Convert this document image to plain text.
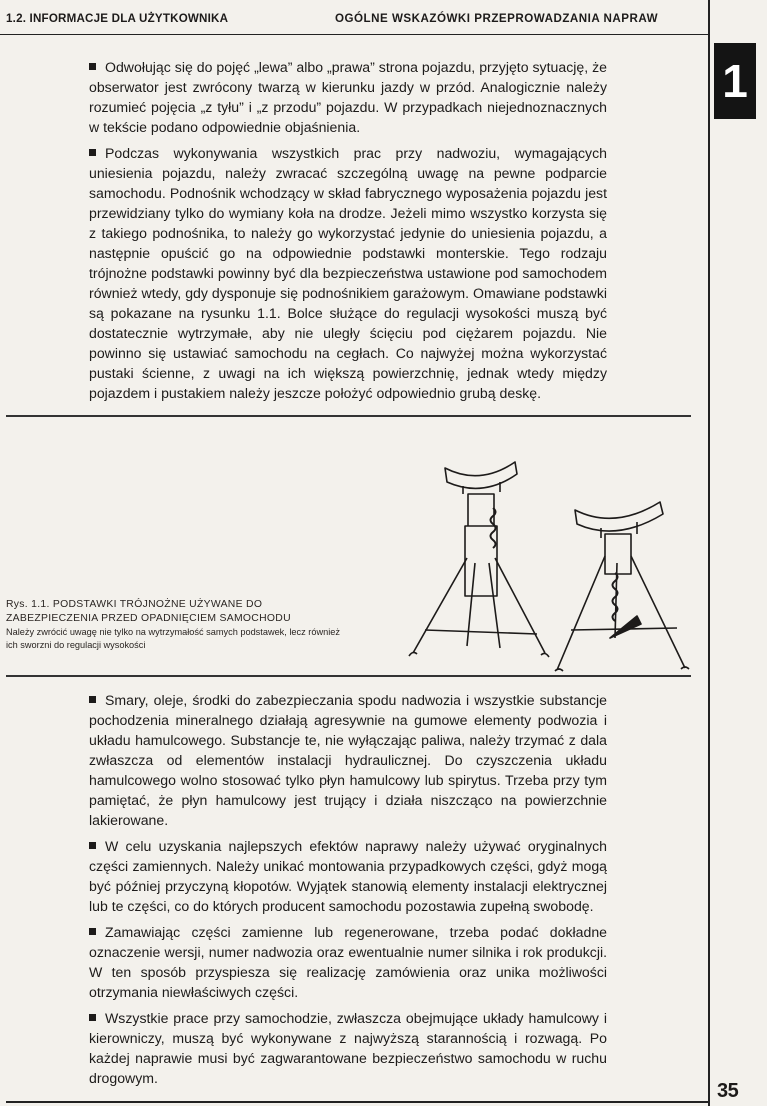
1.2. INFORMACJE DLA UŻYTKOWNIKA	OGÓLNE WSKAZÓWKI PRZEPROWADZANIA NAPRAW
1

Odwołując się do pojęć „lewa” albo „prawa” strona pojazdu, przyjęto sytuację, że obserwator jest zwrócony twarzą w kierunku jazdy w przód. Analogicznie należy rozumieć pojęcia „z tyłu” i „z przodu” pojazdu. W przypadkach niejednoznacznych w tekście podano odpowiednie objaśnienia.

Podczas wykonywania wszystkich prac przy nadwoziu, wymagających uniesienia pojazdu, należy zwracać szczególną uwagę na pewne podparcie samochodu. Podnośnik wchodzący w skład fabrycznego wyposażenia pojazdu jest przewidziany tylko do wymiany koła na drodze. Jeżeli mimo wszystko korzysta się z takiego podnośnika, to należy go wykorzystać jedynie do uniesienia pojazdu, a następnie opuścić go na odpowiednie podstawki monterskie. Tego rodzaju trójnożne podstawki powinny być dla bezpieczeństwa ustawione pod samochodem również wtedy, gdy dysponuje się podnośnikiem garażowym. Omawiane podstawki są pokazane na rysunku 1.1. Bolce służące do regulacji wysokości muszą być dostatecznie wytrzymałe, aby nie uległy ścięciu pod ciężarem pojazdu. Nie powinno się ustawiać samochodu na cegłach. Co najwyżej można wykorzystać pustaki ścienne, z uwagi na ich większą powierzchnię, jednak wtedy między pojazdem i pustakiem należy jeszcze położyć odpowiednio grubą deskę.

Rys. 1.1. PODSTAWKI TRÓJNOŻNE UŻYWANE DO ZABEZPIECZENIA PRZED OPADNIĘCIEM SAMOCHODU
Należy zwrócić uwagę nie tylko na wytrzymałość samych podstawek, lecz również ich sworzni do regulacji wysokości

Smary, oleje, środki do zabezpieczania spodu nadwozia i wszystkie substancje pochodzenia mineralnego działają agresywnie na gumowe elementy podwozia i układu hamulcowego. Substancje te, nie wyłączając paliwa, należy trzymać z dala zwłaszcza od elementów instalacji hydraulicznej. Do czyszczenia układu hamulcowego wolno stosować tylko płyn hamulcowy lub spirytus. Trzeba przy tym pamiętać, że płyn hamulcowy jest trujący i działa niszcząco na powierzchnie lakierowane.

W celu uzyskania najlepszych efektów naprawy należy używać oryginalnych części zamiennych. Należy unikać montowania przypadkowych części, gdyż mogą być później przyczyną kłopotów. Wyjątek stanowią elementy instalacji elektrycznej lub te części, co do których producent samochodu pozostawia zupełną swobodę.

Zamawiając części zamienne lub regenerowane, trzeba podać dokładne oznaczenie wersji, numer nadwozia oraz ewentualnie numer silnika i rok produkcji. W ten sposób przyspiesza się realizację zamówienia oraz unika możliwości otrzymania niewłaściwych części.

Wszystkie prace przy samochodzie, zwłaszcza obejmujące układy hamulcowy i kierowniczy, muszą być wykonywane z najwyższą starannością i rozwagą. Po każdej naprawie musi być zagwarantowane bezpieczeństwo samochodu w ruchu drogowym.

35
